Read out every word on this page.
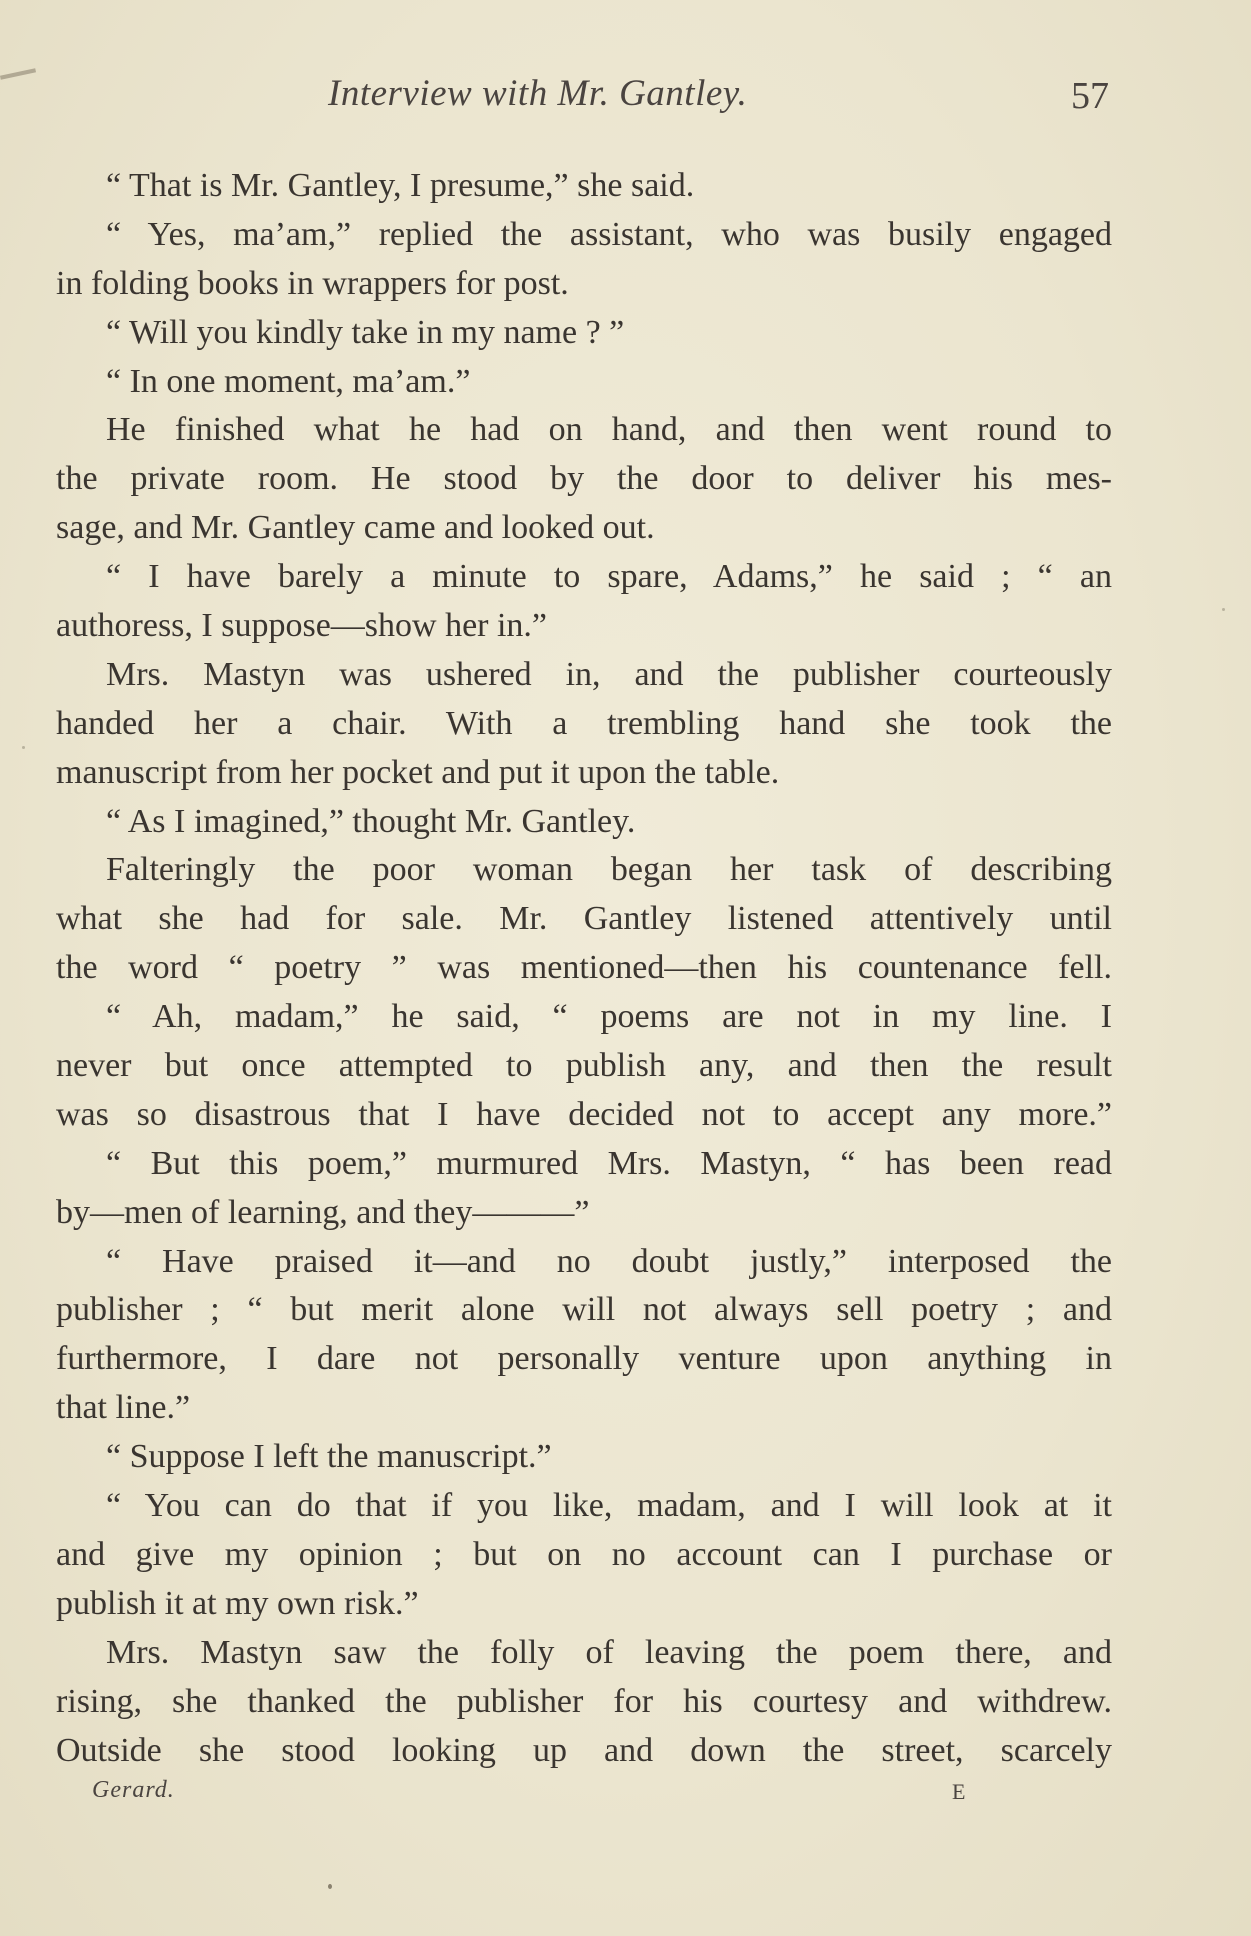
Interview with Mr. Gantley.	57
“ That is Mr. Gantley, I presume,” she said.
“ Yes, ma’am,” replied the assistant, who was busily engaged
in folding books in wrappers for post.
“ Will you kindly take in my name ? ”
“ In one moment, ma’am.”
He finished what he had on hand, and then went round to
the private room. He stood by the door to deliver his mes-
sage, and Mr. Gantley came and looked out.
“ I have barely a minute to spare, Adams,” he said ; “ an
authoress, I suppose—show her in.”
Mrs. Mastyn was ushered in, and the publisher courteously
handed her a chair. With a trembling hand she took the
manuscript from her pocket and put it upon the table.
“ As I imagined,” thought Mr. Gantley.
Falteringly the poor woman began her task of describing
what she had for sale. Mr. Gantley listened attentively until
the word “ poetry ” was mentioned—then his countenance fell.
“ Ah, madam,” he said, “ poems are not in my line. I
never but once attempted to publish any, and then the result
was so disastrous that I have decided not to accept any more.”
“ But this poem,” murmured Mrs. Mastyn, “ has been read
by—men of learning, and they———”
“ Have praised it—and no doubt justly,” interposed the
publisher ; “ but merit alone will not always sell poetry ; and
furthermore, I dare not personally venture upon anything in
that line.”
“ Suppose I left the manuscript.”
“ You can do that if you like, madam, and I will look at it
and give my opinion ; but on no account can I purchase or
publish it at my own risk.”
Mrs. Mastyn saw the folly of leaving the poem there, and
rising, she thanked the publisher for his courtesy and withdrew.
Outside she stood looking up and down the street, scarcely
Gerard.	E
